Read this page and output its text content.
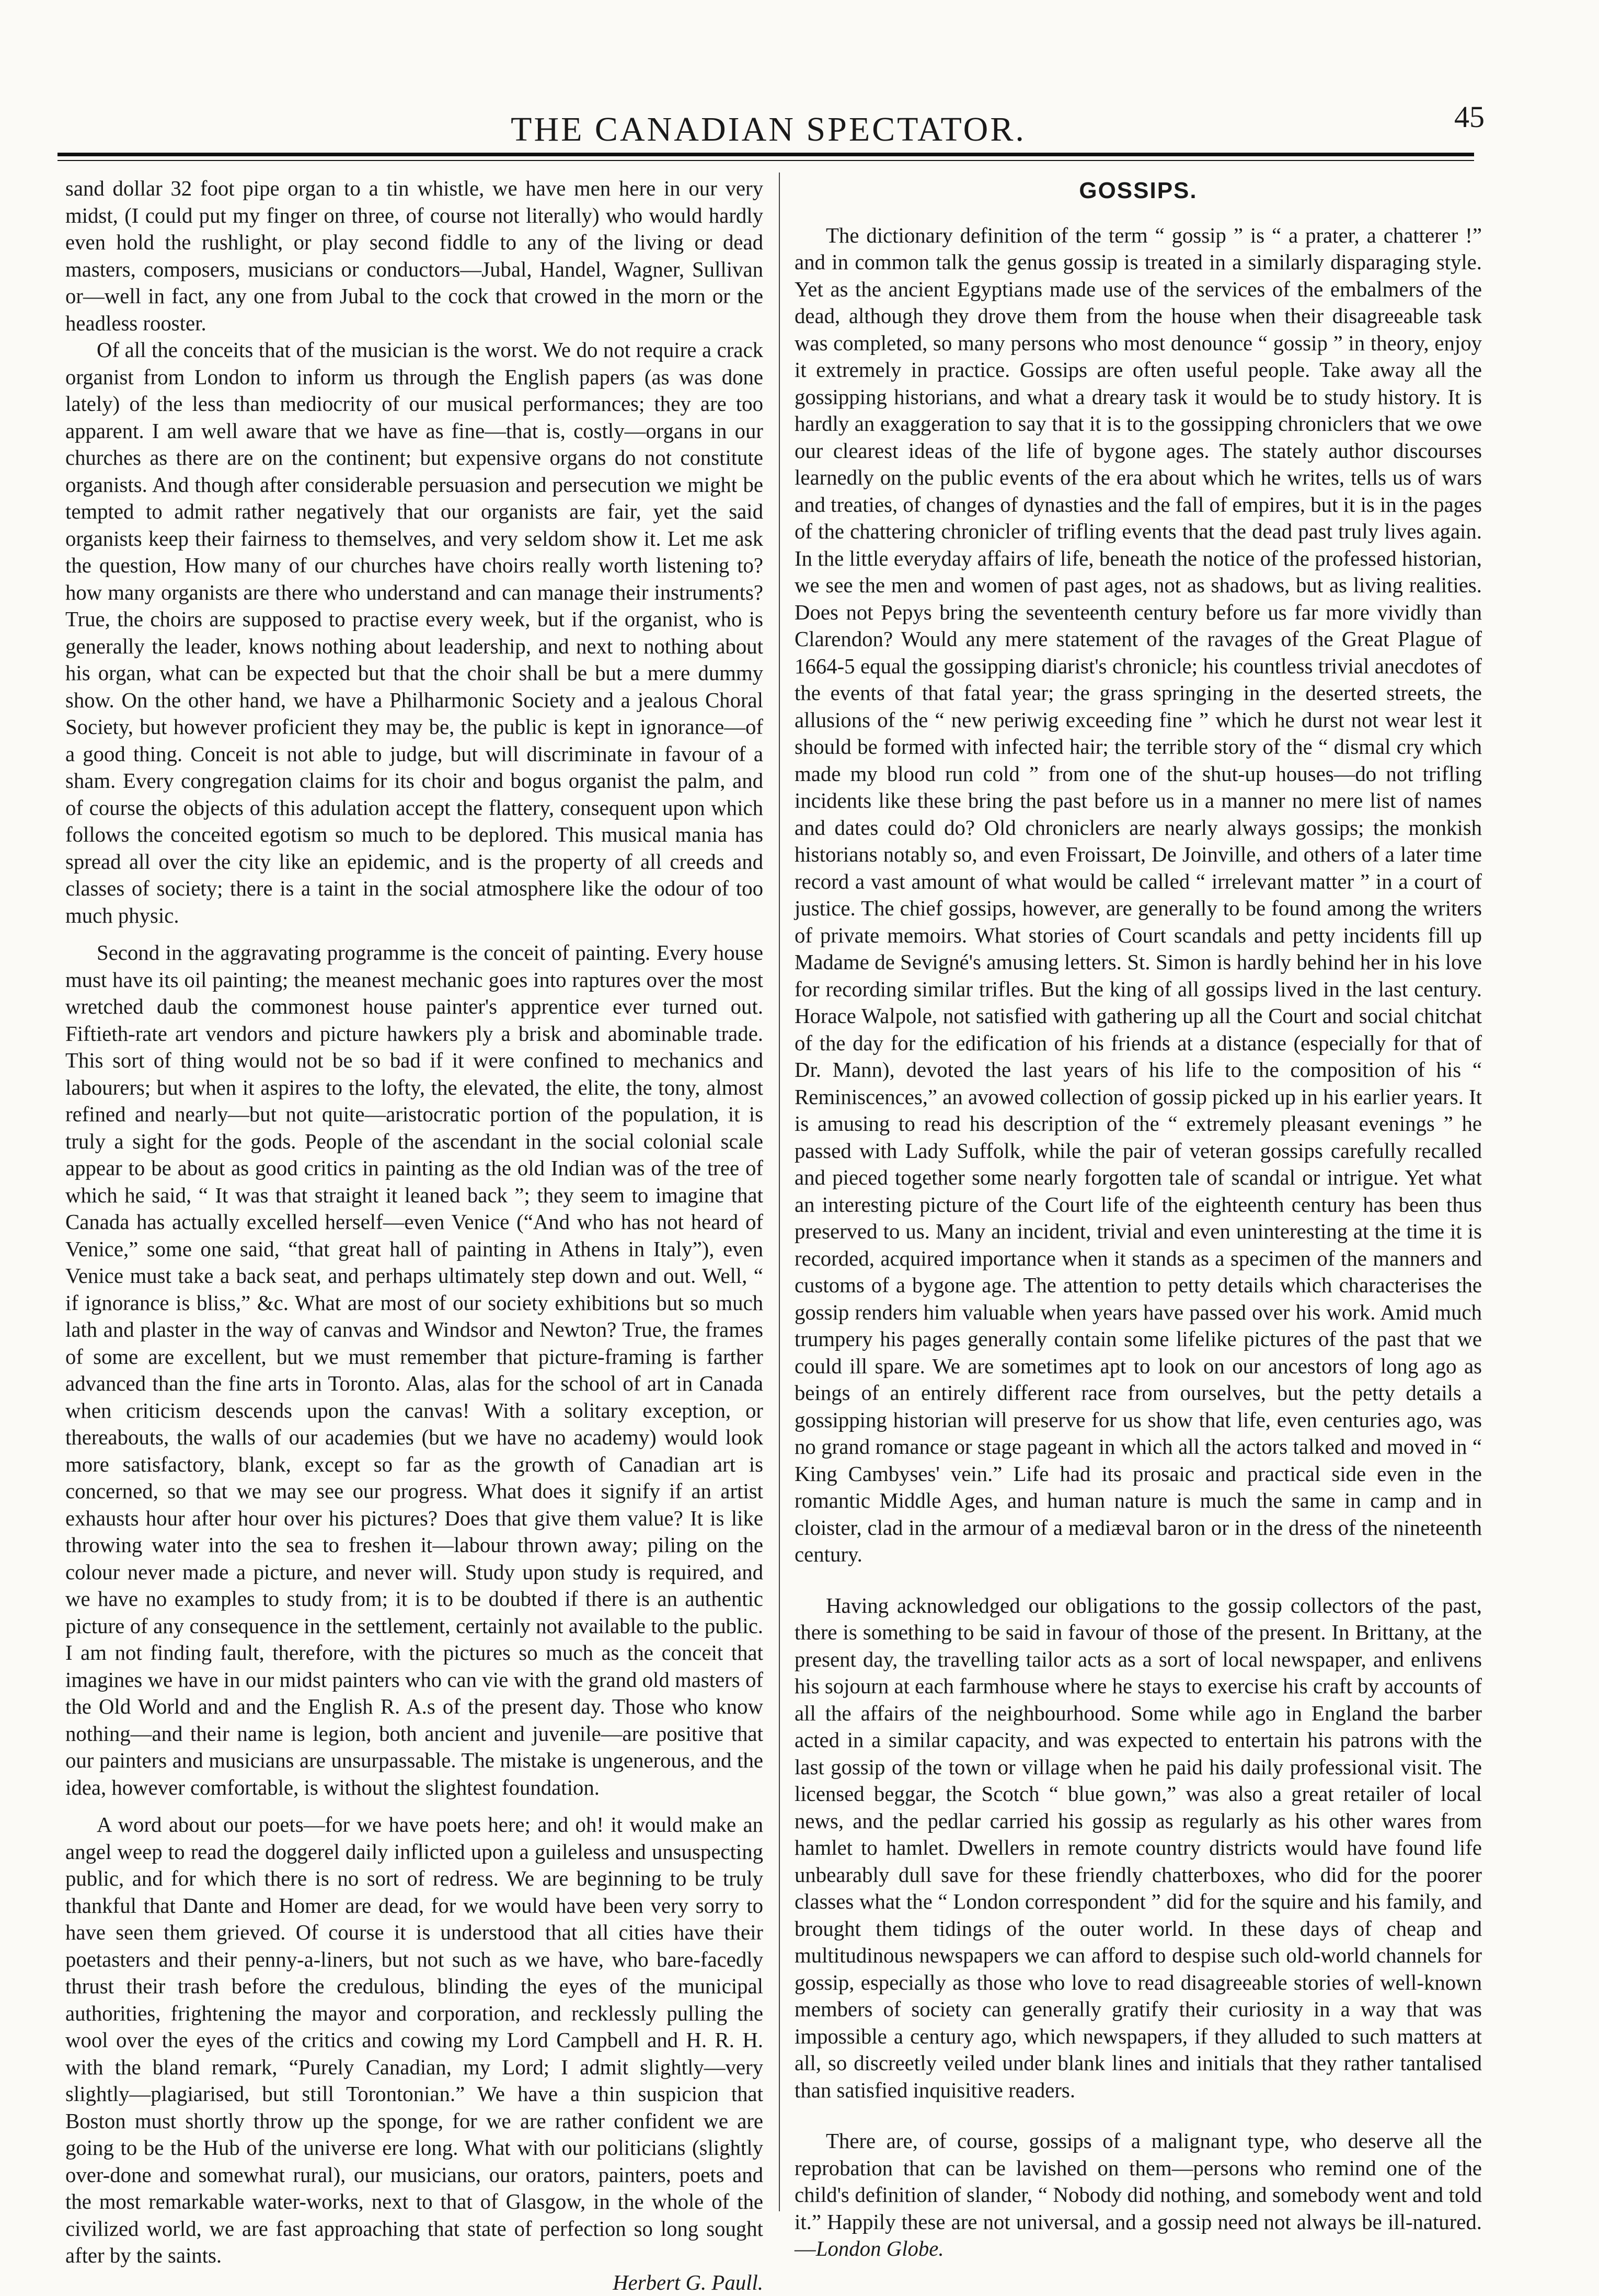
THE CANADIAN SPECTATOR.	45

sand dollar 32 foot pipe organ to a tin whistle, we have men here in our very midst, (I could put my finger on three, of course not literally) who would hardly even hold the rushlight, or play second fiddle to any of the living or dead masters, composers, musicians or conductors—Jubal, Handel, Wagner, Sullivan or—well in fact, any one from Jubal to the cock that crowed in the morn or the headless rooster.

Of all the conceits that of the musician is the worst. We do not require a crack organist from London to inform us through the English papers (as was done lately) of the less than mediocrity of our musical performances; they are too apparent. I am well aware that we have as fine—that is, costly—organs in our churches as there are on the continent; but expensive organs do not constitute organists. And though after considerable persuasion and persecution we might be tempted to admit rather negatively that our organists are fair, yet the said organists keep their fairness to themselves, and very seldom show it. Let me ask the question, How many of our churches have choirs really worth listening to? how many organists are there who understand and can manage their instruments? True, the choirs are supposed to practise every week, but if the organist, who is generally the leader, knows nothing about leadership, and next to nothing about his organ, what can be expected but that the choir shall be but a mere dummy show. On the other hand, we have a Philharmonic Society and a jealous Choral Society, but however proficient they may be, the public is kept in ignorance—of a good thing. Conceit is not able to judge, but will discriminate in favour of a sham. Every congregation claims for its choir and bogus organist the palm, and of course the objects of this adulation accept the flattery, consequent upon which follows the conceited egotism so much to be deplored. This musical mania has spread all over the city like an epidemic, and is the property of all creeds and classes of society; there is a taint in the social atmosphere like the odour of too much physic.

Second in the aggravating programme is the conceit of painting. Every house must have its oil painting; the meanest mechanic goes into raptures over the most wretched daub the commonest house painter's apprentice ever turned out. Fiftieth-rate art vendors and picture hawkers ply a brisk and abominable trade. This sort of thing would not be so bad if it were confined to mechanics and labourers; but when it aspires to the lofty, the elevated, the elite, the tony, almost refined and nearly—but not quite—aristocratic portion of the population, it is truly a sight for the gods. People of the ascendant in the social colonial scale appear to be about as good critics in painting as the old Indian was of the tree of which he said, “ It was that straight it leaned back ”; they seem to imagine that Canada has actually excelled herself—even Venice (“And who has not heard of Venice,” some one said, “that great hall of painting in Athens in Italy”), even Venice must take a back seat, and perhaps ultimately step down and out. Well, “ if ignorance is bliss,” &c. What are most of our society exhibitions but so much lath and plaster in the way of canvas and Windsor and Newton? True, the frames of some are excellent, but we must remember that picture-framing is farther advanced than the fine arts in Toronto. Alas, alas for the school of art in Canada when criticism descends upon the canvas! With a solitary exception, or thereabouts, the walls of our academies (but we have no academy) would look more satisfactory, blank, except so far as the growth of Canadian art is concerned, so that we may see our progress. What does it signify if an artist exhausts hour after hour over his pictures? Does that give them value? It is like throwing water into the sea to freshen it—labour thrown away; piling on the colour never made a picture, and never will. Study upon study is required, and we have no examples to study from; it is to be doubted if there is an authentic picture of any consequence in the settlement, certainly not available to the public. I am not finding fault, therefore, with the pictures so much as the conceit that imagines we have in our midst painters who can vie with the grand old masters of the Old World and and the English R. A.s of the present day. Those who know nothing—and their name is legion, both ancient and juvenile—are positive that our painters and musicians are unsurpassable. The mistake is ungenerous, and the idea, however comfortable, is without the slightest foundation.

A word about our poets—for we have poets here; and oh! it would make an angel weep to read the doggerel daily inflicted upon a guileless and unsuspecting public, and for which there is no sort of redress. We are beginning to be truly thankful that Dante and Homer are dead, for we would have been very sorry to have seen them grieved. Of course it is understood that all cities have their poetasters and their penny-a-liners, but not such as we have, who bare-facedly thrust their trash before the credulous, blinding the eyes of the municipal authorities, frightening the mayor and corporation, and recklessly pulling the wool over the eyes of the critics and cowing my Lord Campbell and H. R. H. with the bland remark, “Purely Canadian, my Lord; I admit slightly—very slightly—plagiarised, but still Torontonian.” We have a thin suspicion that Boston must shortly throw up the sponge, for we are rather confident we are going to be the Hub of the universe ere long. What with our politicians (slightly over-done and somewhat rural), our musicians, our orators, painters, poets and the most remarkable water-works, next to that of Glasgow, in the whole of the civilized world, we are fast approaching that state of perfection so long sought after by the saints.

Herbert G. Paull.
GOSSIPS.

The dictionary definition of the term “ gossip ” is “ a prater, a chatterer !” and in common talk the genus gossip is treated in a similarly disparaging style. Yet as the ancient Egyptians made use of the services of the embalmers of the dead, although they drove them from the house when their disagreeable task was completed, so many persons who most denounce “ gossip ” in theory, enjoy it extremely in practice. Gossips are often useful people. Take away all the gossipping historians, and what a dreary task it would be to study history. It is hardly an exaggeration to say that it is to the gossipping chroniclers that we owe our clearest ideas of the life of bygone ages. The stately author discourses learnedly on the public events of the era about which he writes, tells us of wars and treaties, of changes of dynasties and the fall of empires, but it is in the pages of the chattering chronicler of trifling events that the dead past truly lives again. In the little everyday affairs of life, beneath the notice of the professed historian, we see the men and women of past ages, not as shadows, but as living realities. Does not Pepys bring the seventeenth century before us far more vividly than Clarendon? Would any mere statement of the ravages of the Great Plague of 1664-5 equal the gossipping diarist's chronicle; his countless trivial anecdotes of the events of that fatal year; the grass springing in the deserted streets, the allusions of the “ new periwig exceeding fine ” which he durst not wear lest it should be formed with infected hair; the terrible story of the “ dismal cry which made my blood run cold ” from one of the shut-up houses—do not trifling incidents like these bring the past before us in a manner no mere list of names and dates could do? Old chroniclers are nearly always gossips; the monkish historians notably so, and even Froissart, De Joinville, and others of a later time record a vast amount of what would be called “ irrelevant matter ” in a court of justice. The chief gossips, however, are generally to be found among the writers of private memoirs. What stories of Court scandals and petty incidents fill up Madame de Sevigné's amusing letters. St. Simon is hardly behind her in his love for recording similar trifles. But the king of all gossips lived in the last century. Horace Walpole, not satisfied with gathering up all the Court and social chitchat of the day for the edification of his friends at a distance (especially for that of Dr. Mann), devoted the last years of his life to the composition of his “ Reminiscences,” an avowed collection of gossip picked up in his earlier years. It is amusing to read his description of the “ extremely pleasant evenings ” he passed with Lady Suffolk, while the pair of veteran gossips carefully recalled and pieced together some nearly forgotten tale of scandal or intrigue. Yet what an interesting picture of the Court life of the eighteenth century has been thus preserved to us. Many an incident, trivial and even uninteresting at the time it is recorded, acquired importance when it stands as a specimen of the manners and customs of a bygone age. The attention to petty details which characterises the gossip renders him valuable when years have passed over his work. Amid much trumpery his pages generally contain some lifelike pictures of the past that we could ill spare. We are sometimes apt to look on our ancestors of long ago as beings of an entirely different race from ourselves, but the petty details a gossipping historian will preserve for us show that life, even centuries ago, was no grand romance or stage pageant in which all the actors talked and moved in “ King Cambyses' vein.” Life had its prosaic and practical side even in the romantic Middle Ages, and human nature is much the same in camp and in cloister, clad in the armour of a mediæval baron or in the dress of the nineteenth century.

Having acknowledged our obligations to the gossip collectors of the past, there is something to be said in favour of those of the present. In Brittany, at the present day, the travelling tailor acts as a sort of local newspaper, and enlivens his sojourn at each farmhouse where he stays to exercise his craft by accounts of all the affairs of the neighbourhood. Some while ago in England the barber acted in a similar capacity, and was expected to entertain his patrons with the last gossip of the town or village when he paid his daily professional visit. The licensed beggar, the Scotch “ blue gown,” was also a great retailer of local news, and the pedlar carried his gossip as regularly as his other wares from hamlet to hamlet. Dwellers in remote country districts would have found life unbearably dull save for these friendly chatterboxes, who did for the poorer classes what the “ London correspondent ” did for the squire and his family, and brought them tidings of the outer world. In these days of cheap and multitudinous newspapers we can afford to despise such old-world channels for gossip, especially as those who love to read disagreeable stories of well-known members of society can generally gratify their curiosity in a way that was impossible a century ago, which newspapers, if they alluded to such matters at all, so discreetly veiled under blank lines and initials that they rather tantalised than satisfied inquisitive readers.

There are, of course, gossips of a malignant type, who deserve all the reprobation that can be lavished on them—persons who remind one of the child's definition of slander, “ Nobody did nothing, and somebody went and told it.” Happily these are not universal, and a gossip need not always be ill-natured.—London Globe.
